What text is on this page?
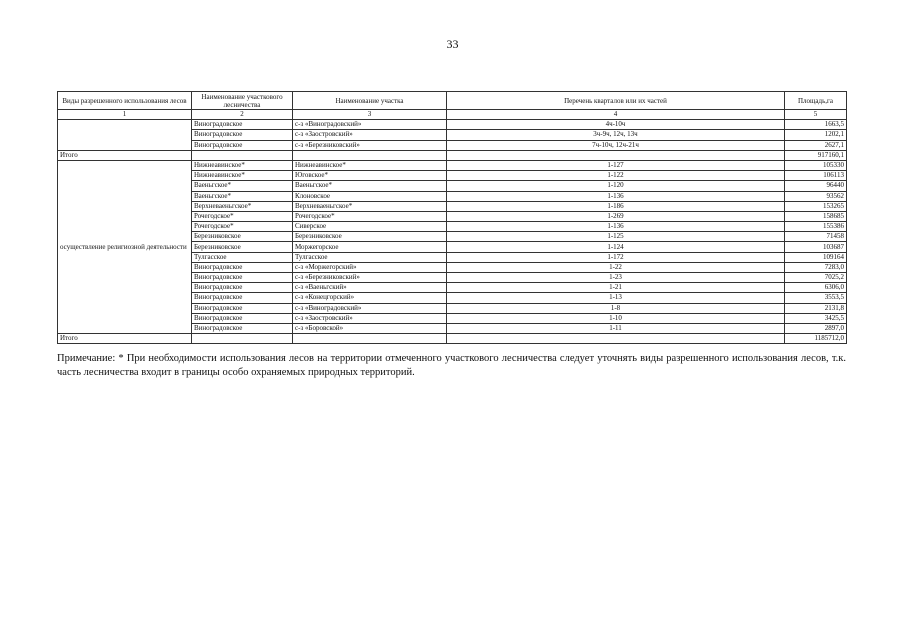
33
Виды разрешенного использования лесов	Наименование участкового лесничества	Наименование участка	Перечень кварталов или их частей	Площадь,га
1	2	3	4	5
	Виноградовское	с-з «Виноградовский»	4ч-10ч	1663,5
	Виноградовское	с-з «Заостровский»	3ч-9ч, 12ч, 13ч	1202,1
	Виноградовское	с-з «Березниковский»	7ч-10ч, 12ч-21ч	2627,1
Итого				917160,1
осуществление религиозной деятельности	Нижнеавинское*	Нижнеавинское*	1-127	105330
	Нижнеавинское*	Юговское*	1-122	106113
	Ваеньгское*	Ваеньгское*	1-120	96440
	Ваеньгское*	Клоновское	1-136	93562
	Верхневаеньгское*	Верхневаеньгское*	1-186	153265
	Рочегодское*	Рочегодское*	1-269	158685
	Рочегодское*	Сиверское	1-136	155386
	Березниковское	Березниковское	1-125	71458
	Березниковское	Моржегорское	1-124	103687
	Тулгасское	Тулгасское	1-172	109164
	Виноградовское	с-з «Моржегорский»	1-22	7283,0
	Виноградовское	с-з «Березниковский»	1-23	7025,2
	Виноградовское	с-з «Ваеньгский»	1-21	6306,0
	Виноградовское	с-з «Конецгорский»	1-13	3553,5
	Виноградовское	с-з «Виноградовский»	1-8	2131,8
	Виноградовское	с-з «Заостровский»	1-10	3425,5
	Виноградовское	с-з «Боровской»	1-11	2897,0
Итого				1185712,0
Примечание: * При необходимости использования лесов на территории отмеченного участкового лесничества следует уточнять виды разрешенного использования лесов, т.к. часть лесничества входит в границы особо охраняемых природных территорий.
